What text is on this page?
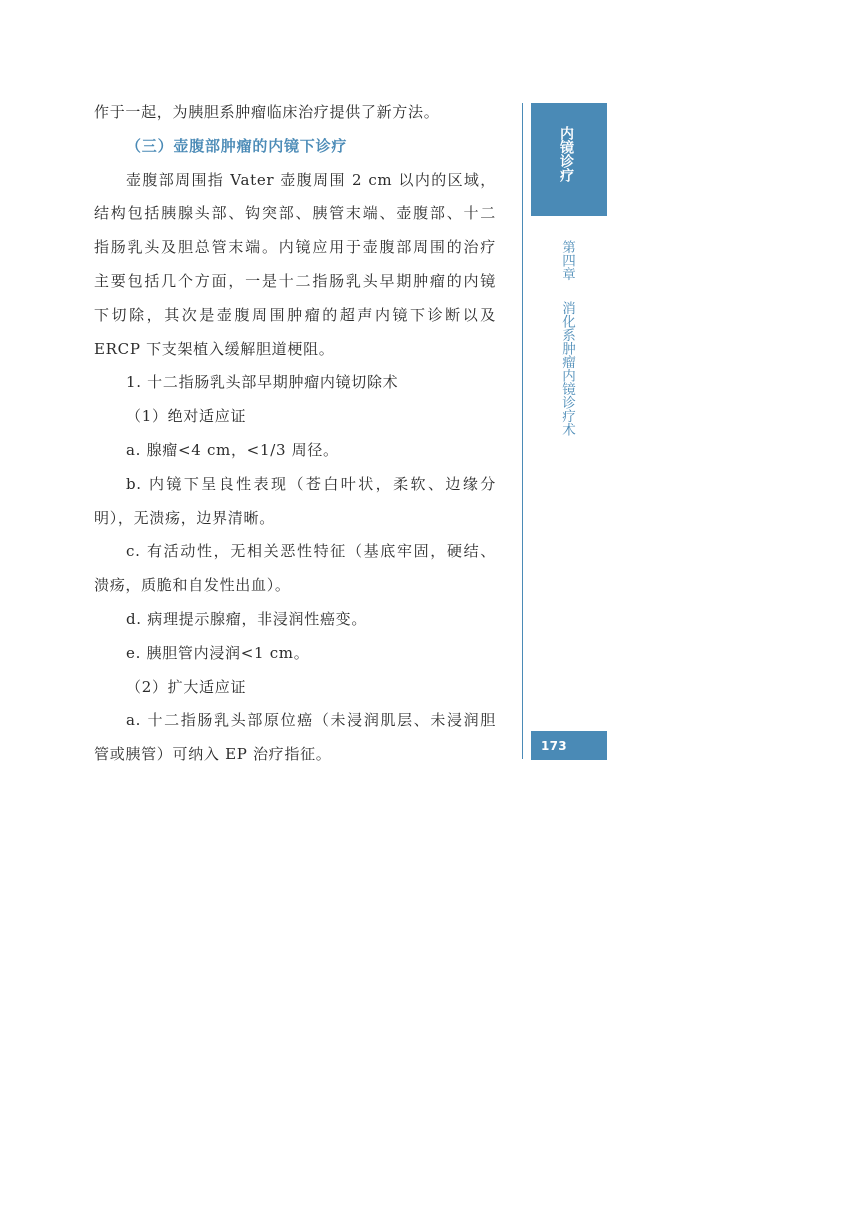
作于一起，为胰胆系肿瘤临床治疗提供了新方法。
（三）壶腹部肿瘤的内镜下诊疗
壶腹部周围指 Vater 壶腹周围 2 cm 以内的区域，
结构包括胰腺头部、钩突部、胰管末端、壶腹部、十二
指肠乳头及胆总管末端。内镜应用于壶腹部周围的治疗
主要包括几个方面，一是十二指肠乳头早期肿瘤的内镜
下切除，其次是壶腹周围肿瘤的超声内镜下诊断以及
ERCP 下支架植入缓解胆道梗阻。
1. 十二指肠乳头部早期肿瘤内镜切除术
（1）绝对适应证
a. 腺瘤<4 cm，<1/3 周径。
b. 内镜下呈良性表现（苍白叶状，柔软、边缘分
明），无溃疡，边界清晰。
c. 有活动性，无相关恶性特征（基底牢固，硬结、
溃疡，质脆和自发性出血）。
d. 病理提示腺瘤，非浸润性癌变。
e. 胰胆管内浸润<1 cm。
（2）扩大适应证
a. 十二指肠乳头部原位癌（未浸润肌层、未浸润胆
管或胰管）可纳入 EP 治疗指征。
内镜诊疗
第四章
消化系肿瘤内镜诊疗术
173
